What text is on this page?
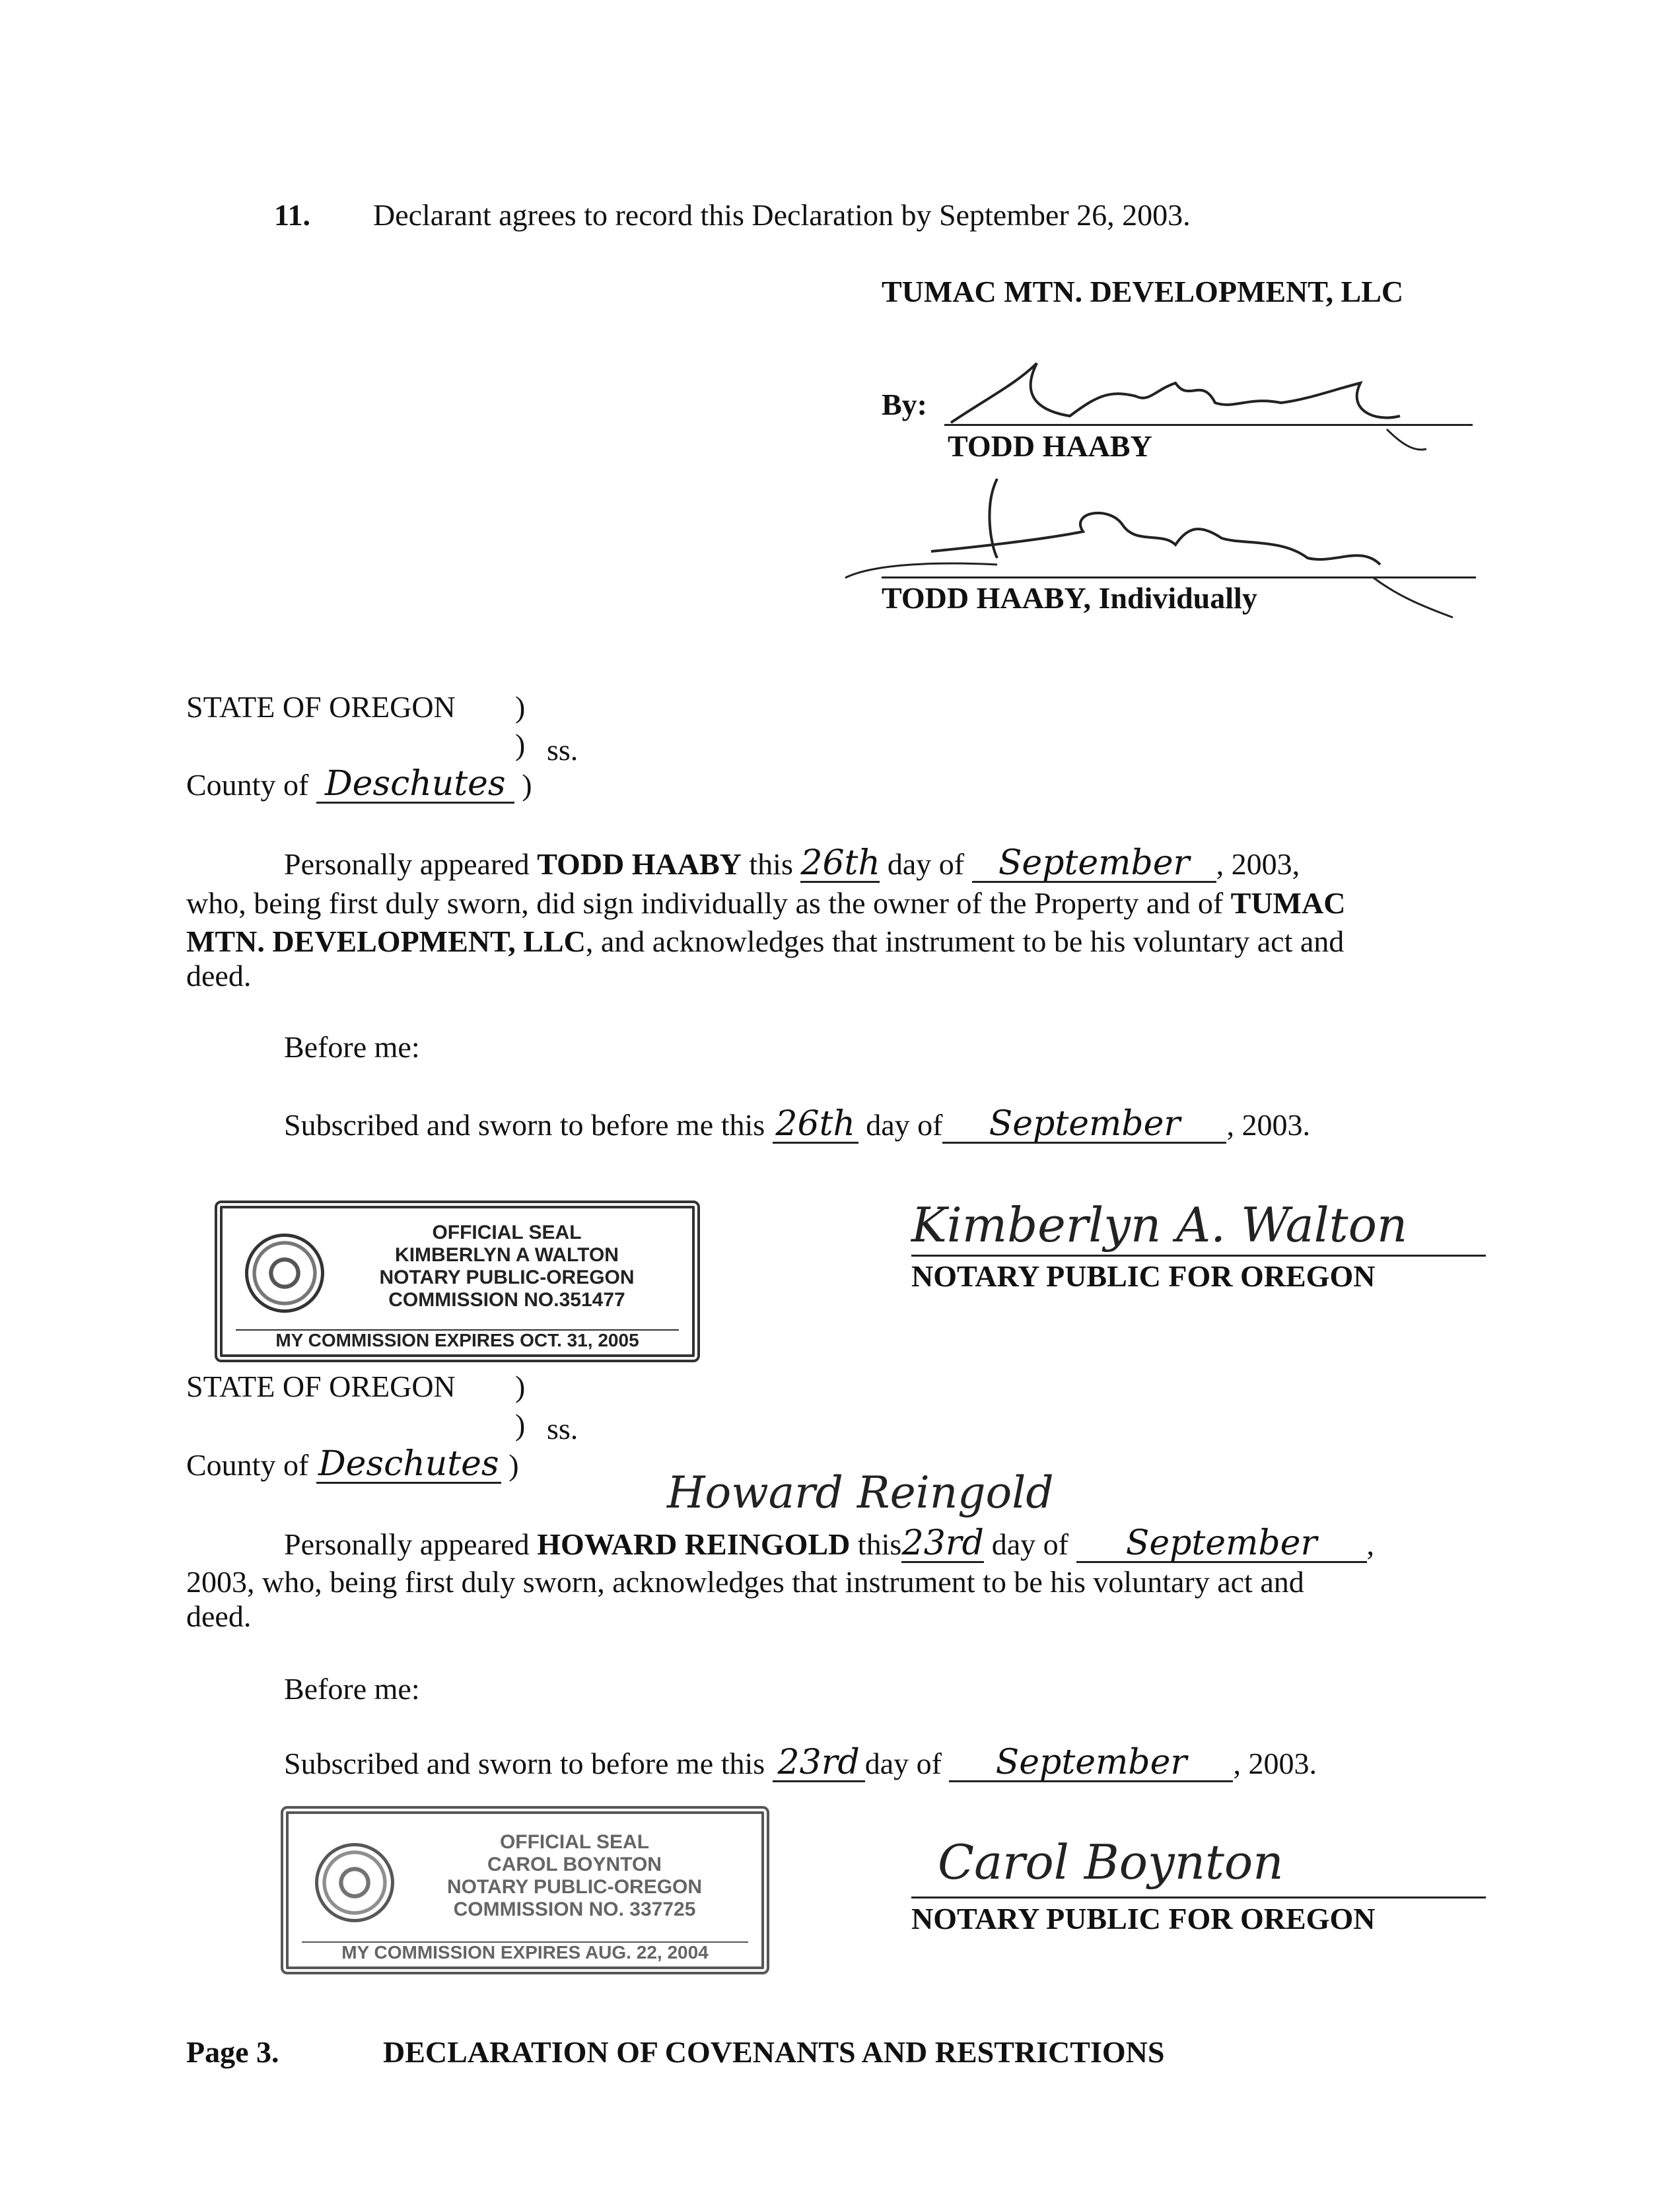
11. Declarant agrees to record this Declaration by September 26, 2003.
TUMAC MTN. DEVELOPMENT, LLC
By:
TODD HAABY
TODD HAABY, Individually
STATE OF OREGON )
) ss.
County of Deschutes )
Personally appeared TODD HAABY this 26th day of September , 2003,
who, being first duly sworn, did sign individually as the owner of the Property and of TUMAC
MTN. DEVELOPMENT, LLC, and acknowledges that instrument to be his voluntary act and
deed.
Before me:
Subscribed and sworn to before me this 26th day of September , 2003.
OFFICIAL SEAL
KIMBERLYN A WALTON
NOTARY PUBLIC-OREGON
COMMISSION NO.351477
MY COMMISSION EXPIRES OCT. 31, 2005
Kimberlyn A. Walton
NOTARY PUBLIC FOR OREGON
STATE OF OREGON )
) ss.
County of Deschutes )
Howard Reingold
Personally appeared HOWARD REINGOLD this23rd day of September ,
2003, who, being first duly sworn, acknowledges that instrument to be his voluntary act and
deed.
Before me:
Subscribed and sworn to before me this 23rd day of September , 2003.
OFFICIAL SEAL
CAROL BOYNTON
NOTARY PUBLIC-OREGON
COMMISSION NO. 337725
MY COMMISSION EXPIRES AUG. 22, 2004
Carol Boynton
NOTARY PUBLIC FOR OREGON
Page 3.	DECLARATION OF COVENANTS AND RESTRICTIONS
